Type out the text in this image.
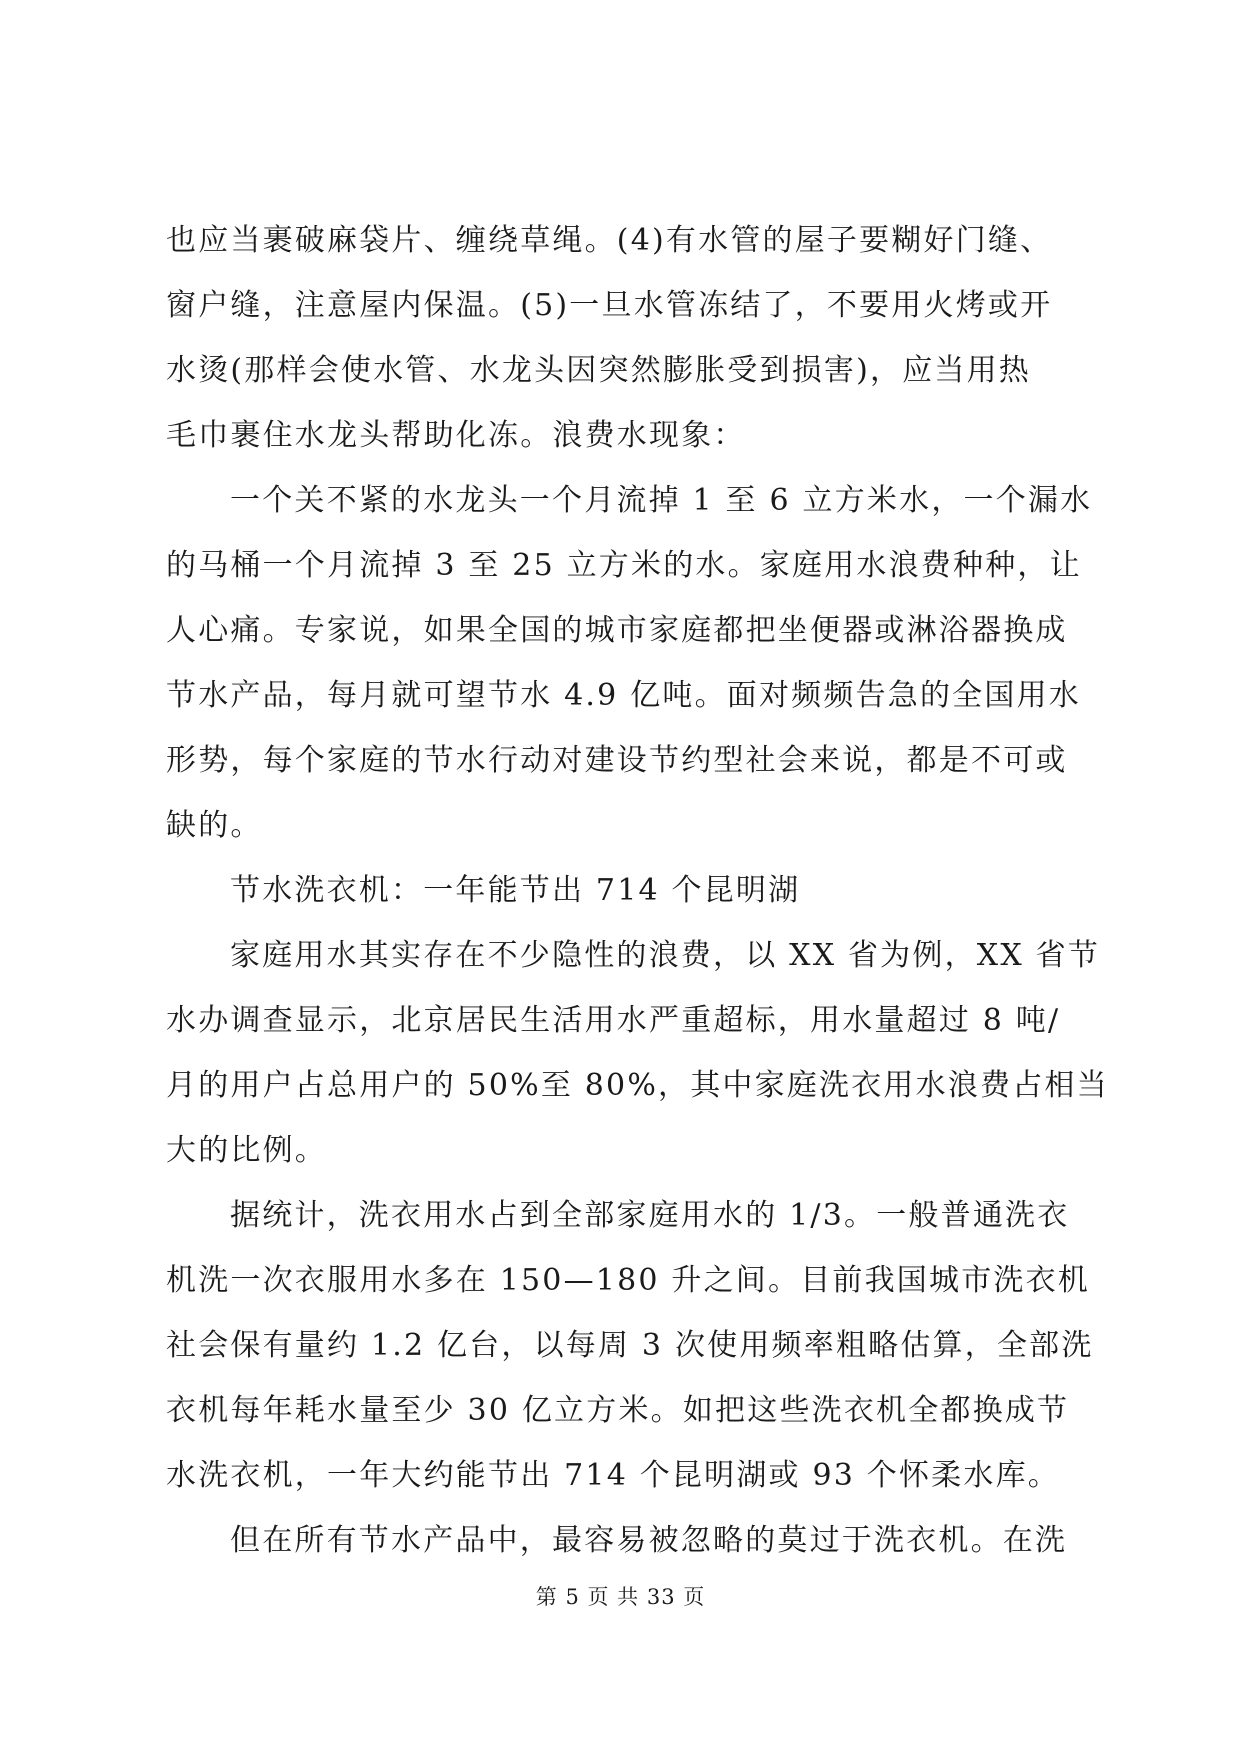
也应当裹破麻袋片、缠绕草绳。(4)有水管的屋子要糊好门缝、
窗户缝，注意屋内保温。(5)一旦水管冻结了，不要用火烤或开
水烫(那样会使水管、水龙头因突然膨胀受到损害)，应当用热
毛巾裹住水龙头帮助化冻。浪费水现象：
一个关不紧的水龙头一个月流掉 1 至 6 立方米水，一个漏水
的马桶一个月流掉 3 至 25 立方米的水。家庭用水浪费种种，让
人心痛。专家说，如果全国的城市家庭都把坐便器或淋浴器换成
节水产品，每月就可望节水 4.9 亿吨。面对频频告急的全国用水
形势，每个家庭的节水行动对建设节约型社会来说，都是不可或
缺的。
节水洗衣机：一年能节出 714 个昆明湖
家庭用水其实存在不少隐性的浪费，以 XX 省为例，XX 省节
水办调查显示，北京居民生活用水严重超标，用水量超过 8 吨/
月的用户占总用户的 50%至 80%，其中家庭洗衣用水浪费占相当
大的比例。
据统计，洗衣用水占到全部家庭用水的 1/3。一般普通洗衣
机洗一次衣服用水多在 150—180 升之间。目前我国城市洗衣机
社会保有量约 1.2 亿台，以每周 3 次使用频率粗略估算，全部洗
衣机每年耗水量至少 30 亿立方米。如把这些洗衣机全都换成节
水洗衣机，一年大约能节出 714 个昆明湖或 93 个怀柔水库。
但在所有节水产品中，最容易被忽略的莫过于洗衣机。在洗
第 5 页 共 33 页
